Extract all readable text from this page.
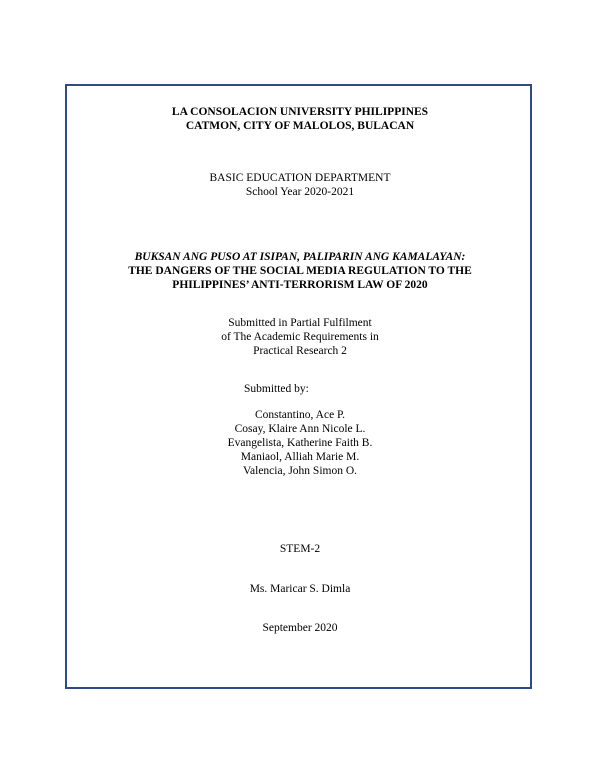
LA CONSOLACION UNIVERSITY PHILIPPINES
CATMON, CITY OF MALOLOS, BULACAN
BASIC EDUCATION DEPARTMENT
School Year 2020-2021
BUKSAN ANG PUSO AT ISIPAN, PALIPARIN ANG KAMALAYAN:
THE DANGERS OF THE SOCIAL MEDIA REGULATION TO THE
PHILIPPINES’ ANTI-TERRORISM LAW OF 2020
Submitted in Partial Fulfilment
of The Academic Requirements in
Practical Research 2
Submitted by:
Constantino, Ace P.
Cosay, Klaire Ann Nicole L.
Evangelista, Katherine Faith B.
Maniaol, Alliah Marie M.
Valencia, John Simon O.
STEM-2
Ms. Maricar S. Dimla
September 2020
